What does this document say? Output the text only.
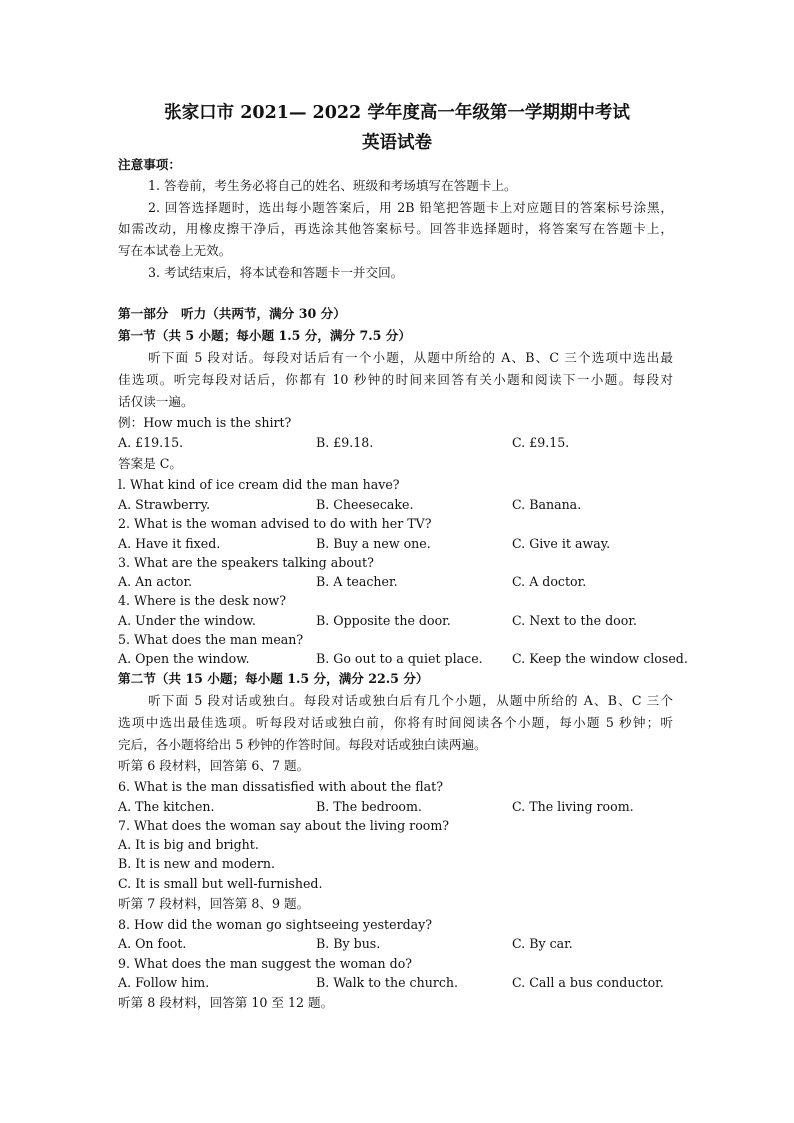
张家口市 2021— 2022 学年度高一年级第一学期期中考试
英语试卷
注意事项：
1. 答卷前，考生务必将自己的姓名、班级和考场填写在答题卡上。
2. 回答选择题时，选出每小题答案后，用 2B 铅笔把答题卡上对应题目的答案标号涂黑，
如需改动，用橡皮擦干净后，再选涂其他答案标号。回答非选择题时，将答案写在答题卡上，
写在本试卷上无效。
3. 考试结束后，将本试卷和答题卡一并交回。
第一部分　听力（共两节，满分 30 分）
第一节（共 5 小题；每小题 1.5 分，满分 7.5 分）
听下面 5 段对话。每段对话后有一个小题，从题中所给的 A、B、C 三个选项中选出最
佳选项。听完每段对话后，你都有 10 秒钟的时间来回答有关小题和阅读下一小题。每段对
话仅读一遍。
例：How much is the shirt?
A. £19.15.	B. £9.18.	C. £9.15.
答案是 C。
l. What kind of ice cream did the man have?
A. Strawberry.	B. Cheesecake.	C. Banana.
2. What is the woman advised to do with her TV?
A. Have it fixed.	B. Buy a new one.	C. Give it away.
3. What are the speakers talking about?
A. An actor.	B. A teacher.	C. A doctor.
4. Where is the desk now?
A. Under the window.	B. Opposite the door.	C. Next to the door.
5. What does the man mean?
A. Open the window.	B. Go out to a quiet place. C. Keep the window closed.
第二节（共 15 小题；每小题 1.5 分，满分 22.5 分）
听下面 5 段对话或独白。每段对话或独白后有几个小题，从题中所给的 A、B、C 三个
选项中选出最佳选项。听每段对话或独白前，你将有时间阅读各个小题，每小题 5 秒钟；听
完后，各小题将给出 5 秒钟的作答时间。每段对话或独白读两遍。
听第 6 段材料，回答第 6、7 题。
6. What is the man dissatisfied with about the flat?
A. The kitchen.	B. The bedroom.	C. The living room.
7. What does the woman say about the living room?
A. It is big and bright.
B. It is new and modern.
C. It is small but well-furnished.
听第 7 段材料，回答第 8、9 题。
8. How did the woman go sightseeing yesterday?
A. On foot.	B. By bus.	C. By car.
9. What does the man suggest the woman do?
A. Follow him.	B. Walk to the church.	C. Call a bus conductor.
听第 8 段材料，回答第 10 至 12 题。
